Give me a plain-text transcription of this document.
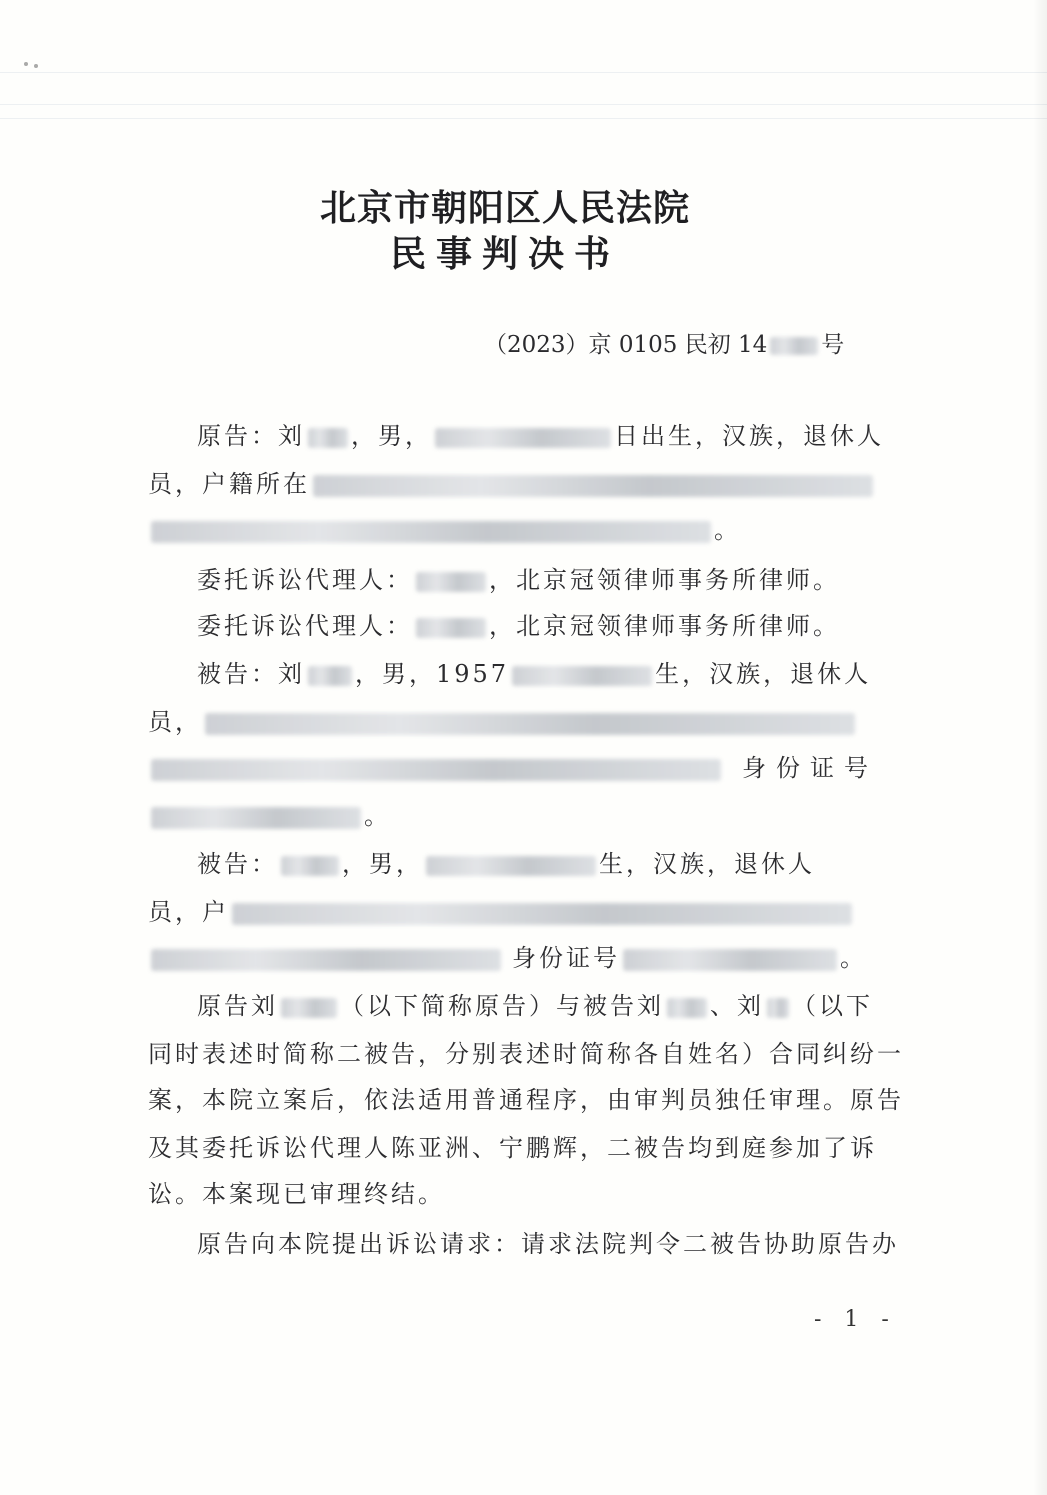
北京市朝阳区人民法院
民事判决书
（2023）京 0105 民初 14 号
原告：刘 ，男，	日出生，汉族，退休人
员，户籍所在
。
委托诉讼代理人：	，北京冠领律师事务所律师。
委托诉讼代理人：	，北京冠领律师事务所律师。
被告：刘 ，男，1957	生，汉族，退休人
员，
身份证号
。
被告：	，男，	生，汉族，退休人
员，户
身份证号	。
原告刘	（以下简称原告）与被告刘 、刘 （以下
同时表述时简称二被告，分别表述时简称各自姓名）合同纠纷一
案，本院立案后，依法适用普通程序，由审判员独任审理。原告
及其委托诉讼代理人陈亚洲、宁鹏辉，二被告均到庭参加了诉
讼。本案现已审理终结。
原告向本院提出诉讼请求：请求法院判令二被告协助原告办
- 1 -
